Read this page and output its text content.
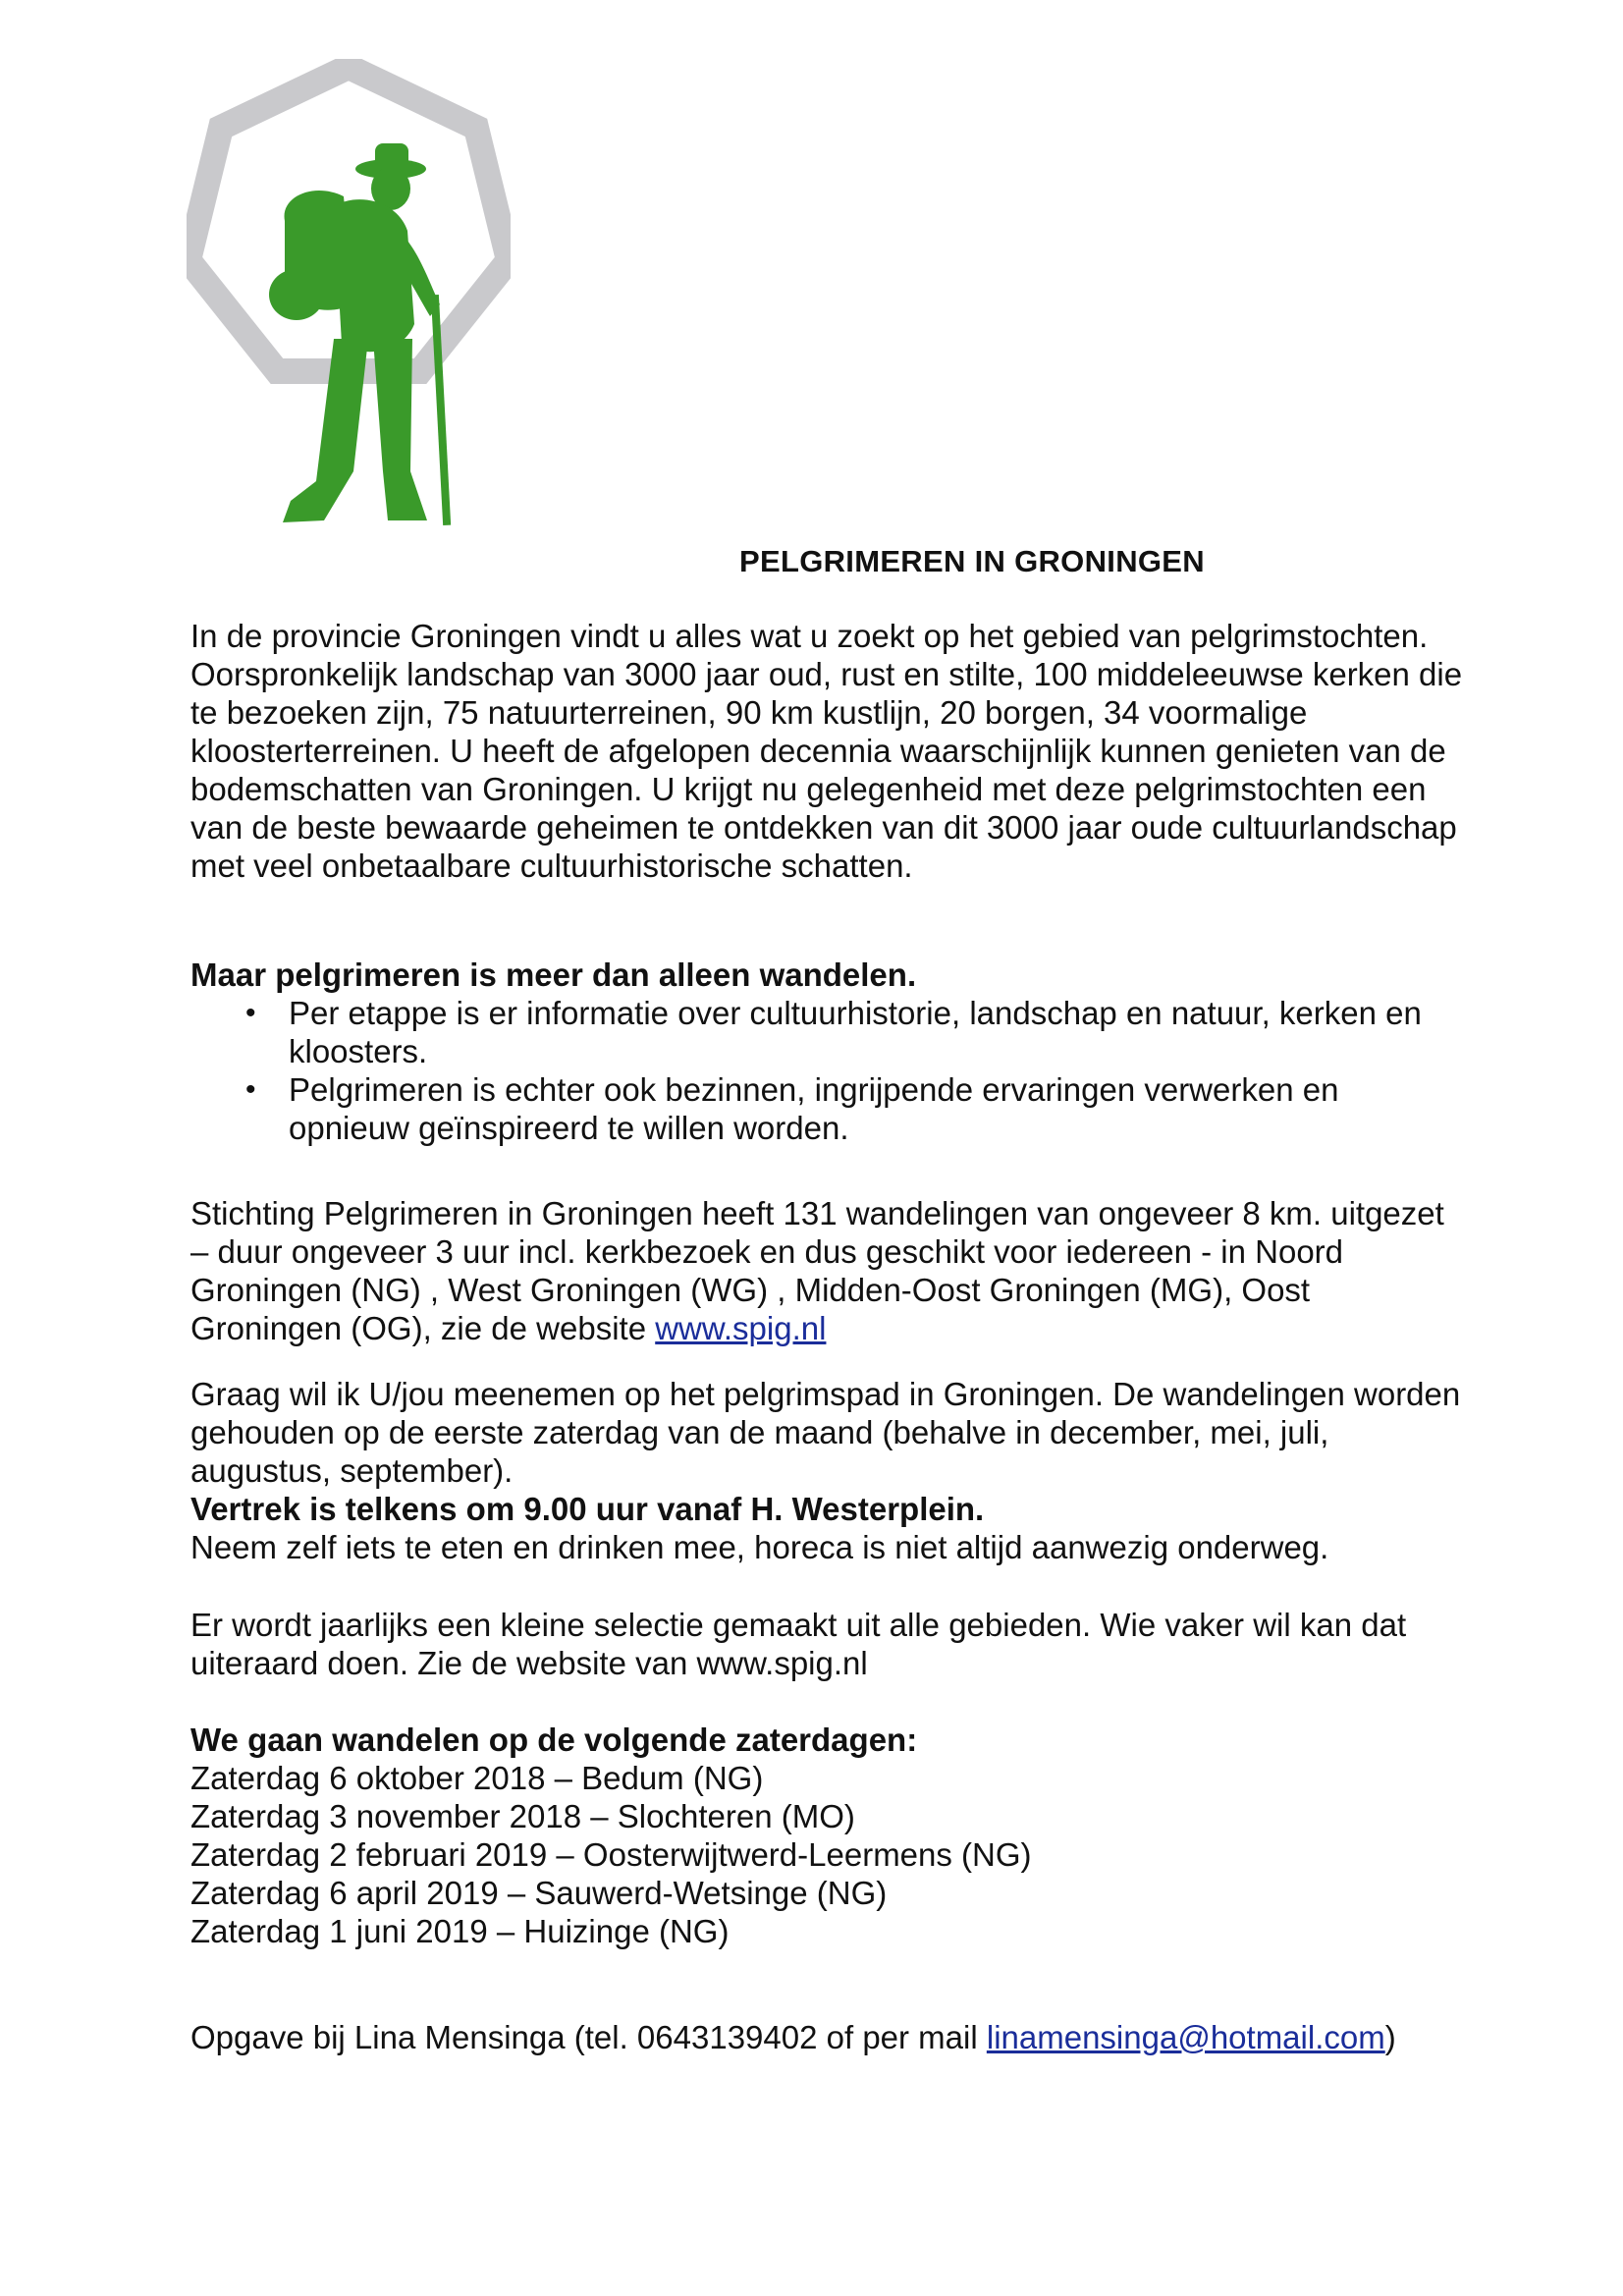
PELGRIMEREN IN GRONINGEN

In de provincie Groningen vindt u alles wat u zoekt op het gebied van pelgrimstochten. Oorspronkelijk landschap van 3000 jaar oud, rust en stilte, 100 middeleeuwse kerken die te bezoeken zijn, 75 natuurterreinen, 90 km kustlijn, 20 borgen, 34 voormalige kloosterterreinen. U heeft de afgelopen decennia waarschijnlijk kunnen genieten van de bodemschatten van Groningen. U krijgt nu gelegenheid met deze pelgrimstochten een van de beste bewaarde geheimen te ontdekken van dit 3000 jaar oude cultuurlandschap met veel onbetaalbare cultuurhistorische schatten.

Maar pelgrimeren is meer dan alleen wandelen.

• Per etappe is er informatie over cultuurhistorie, landschap en natuur, kerken en kloosters.
• Pelgrimeren is echter ook bezinnen, ingrijpende ervaringen verwerken en opnieuw geïnspireerd te willen worden.

Stichting Pelgrimeren in Groningen heeft 131 wandelingen van ongeveer 8 km. uitgezet – duur ongeveer 3 uur incl. kerkbezoek en dus geschikt voor iedereen - in Noord Groningen (NG) , West Groningen (WG) , Midden-Oost Groningen (MG), Oost Groningen (OG), zie de website www.spig.nl

Graag wil ik U/jou meenemen op het pelgrimspad in Groningen. De wandelingen worden gehouden op de eerste zaterdag van de maand (behalve in december, mei, juli, augustus, september).

Vertrek is telkens om 9.00 uur vanaf H. Westerplein.

Neem zelf iets te eten en drinken mee, horeca is niet altijd aanwezig onderweg.

Er wordt jaarlijks een kleine selectie gemaakt uit alle gebieden. Wie vaker wil kan dat uiteraard doen. Zie de website van www.spig.nl

We gaan wandelen op de volgende zaterdagen:

Zaterdag 6 oktober 2018 – Bedum (NG)

Zaterdag 3 november 2018 – Slochteren (MO)

Zaterdag 2 februari 2019 – Oosterwijtwerd-Leermens (NG)

Zaterdag 6 april 2019 – Sauwerd-Wetsinge (NG)

Zaterdag 1 juni 2019 – Huizinge (NG)

Opgave bij Lina Mensinga (tel. 0643139402 of per mail linamensinga@hotmail.com)
